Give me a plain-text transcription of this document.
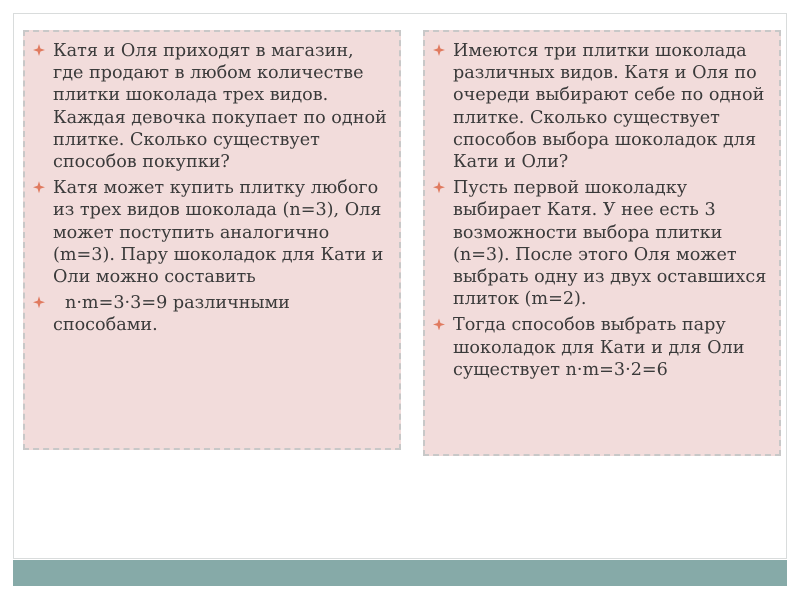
Катя и Оля приходят в магазин, где продают в любом количестве плитки шоколада трех видов. Каждая девочка покупает по одной плитке. Сколько существует способов покупки?
Катя может купить плитку любого из трех видов шоколада (n=3), Оля может поступить аналогично (m=3). Пару шоколадок для Кати и Оли можно составить
n·m=3·3=9 различными способами.
Имеются три плитки шоколада различных видов. Катя и Оля по очереди выбирают себе по одной плитке. Сколько существует способов выбора шоколадок для Кати и Оли?
Пусть первой шоколадку выбирает Катя. У нее есть 3 возможности выбора плитки (n=3). После этого Оля может выбрать одну из двух оставшихся плиток (m=2).
Тогда способов выбрать пару шоколадок для Кати и для Оли существует n·m=3·2=6
